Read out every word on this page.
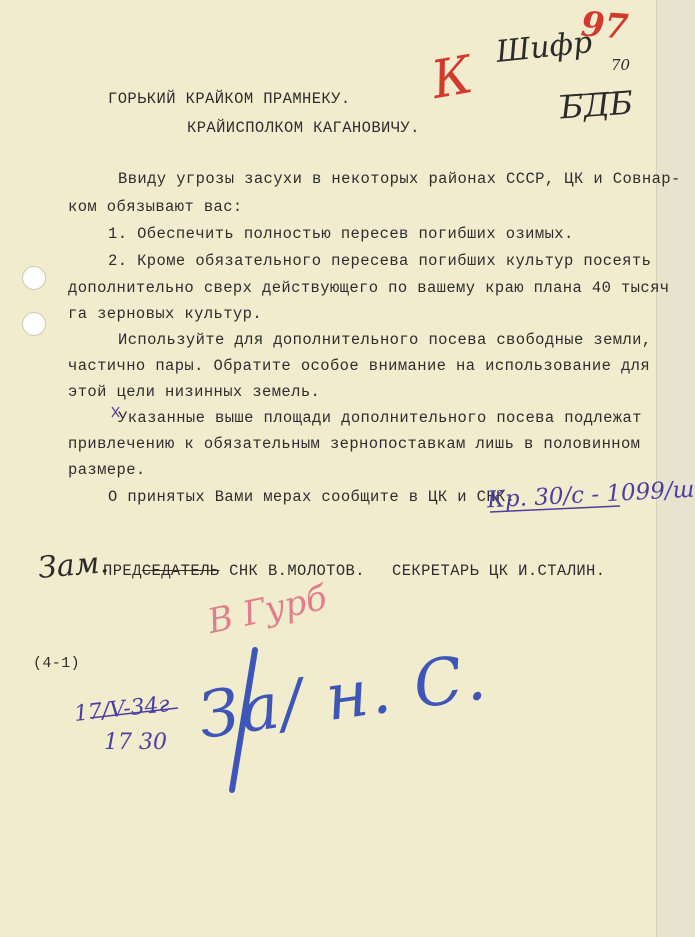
ГОРЬКИЙ КРАЙКОМ ПРАМНЕКУ.
КРАЙИСПОЛКОМ КАГАНОВИЧУ.
Ввиду угрозы засухи в некоторых районах СССР, ЦК и Совнар-
ком обязывают вас:
1. Обеспечить полностью пересев погибших озимых.
2. Кроме обязательного пересева погибших культур посеять
дополнительно сверх действующего по вашему краю плана 40 тысяч
га зерновых культур.
Используйте для дополнительного посева свободные земли,
частично пары. Обратите особое внимание на использование для
этой цели низинных земель.
Указанные выше площади дополнительного посева подлежат
привлечению к обязательным зернопоставкам лишь в половинном
размере.
О принятых Вами мерах сообщите в ЦК и СНК.
ПРЕДСЕДАТЕЛЬ СНК В.МОЛОТОВ. СЕКРЕТАРЬ ЦК И.СТАЛИН.
(4-1)
Шифр
97
70
К	БДБ
Кр. 30/с - 1099/ш
Зам.
В Гурб
17/V-34г
17 30 За/ н. С.
